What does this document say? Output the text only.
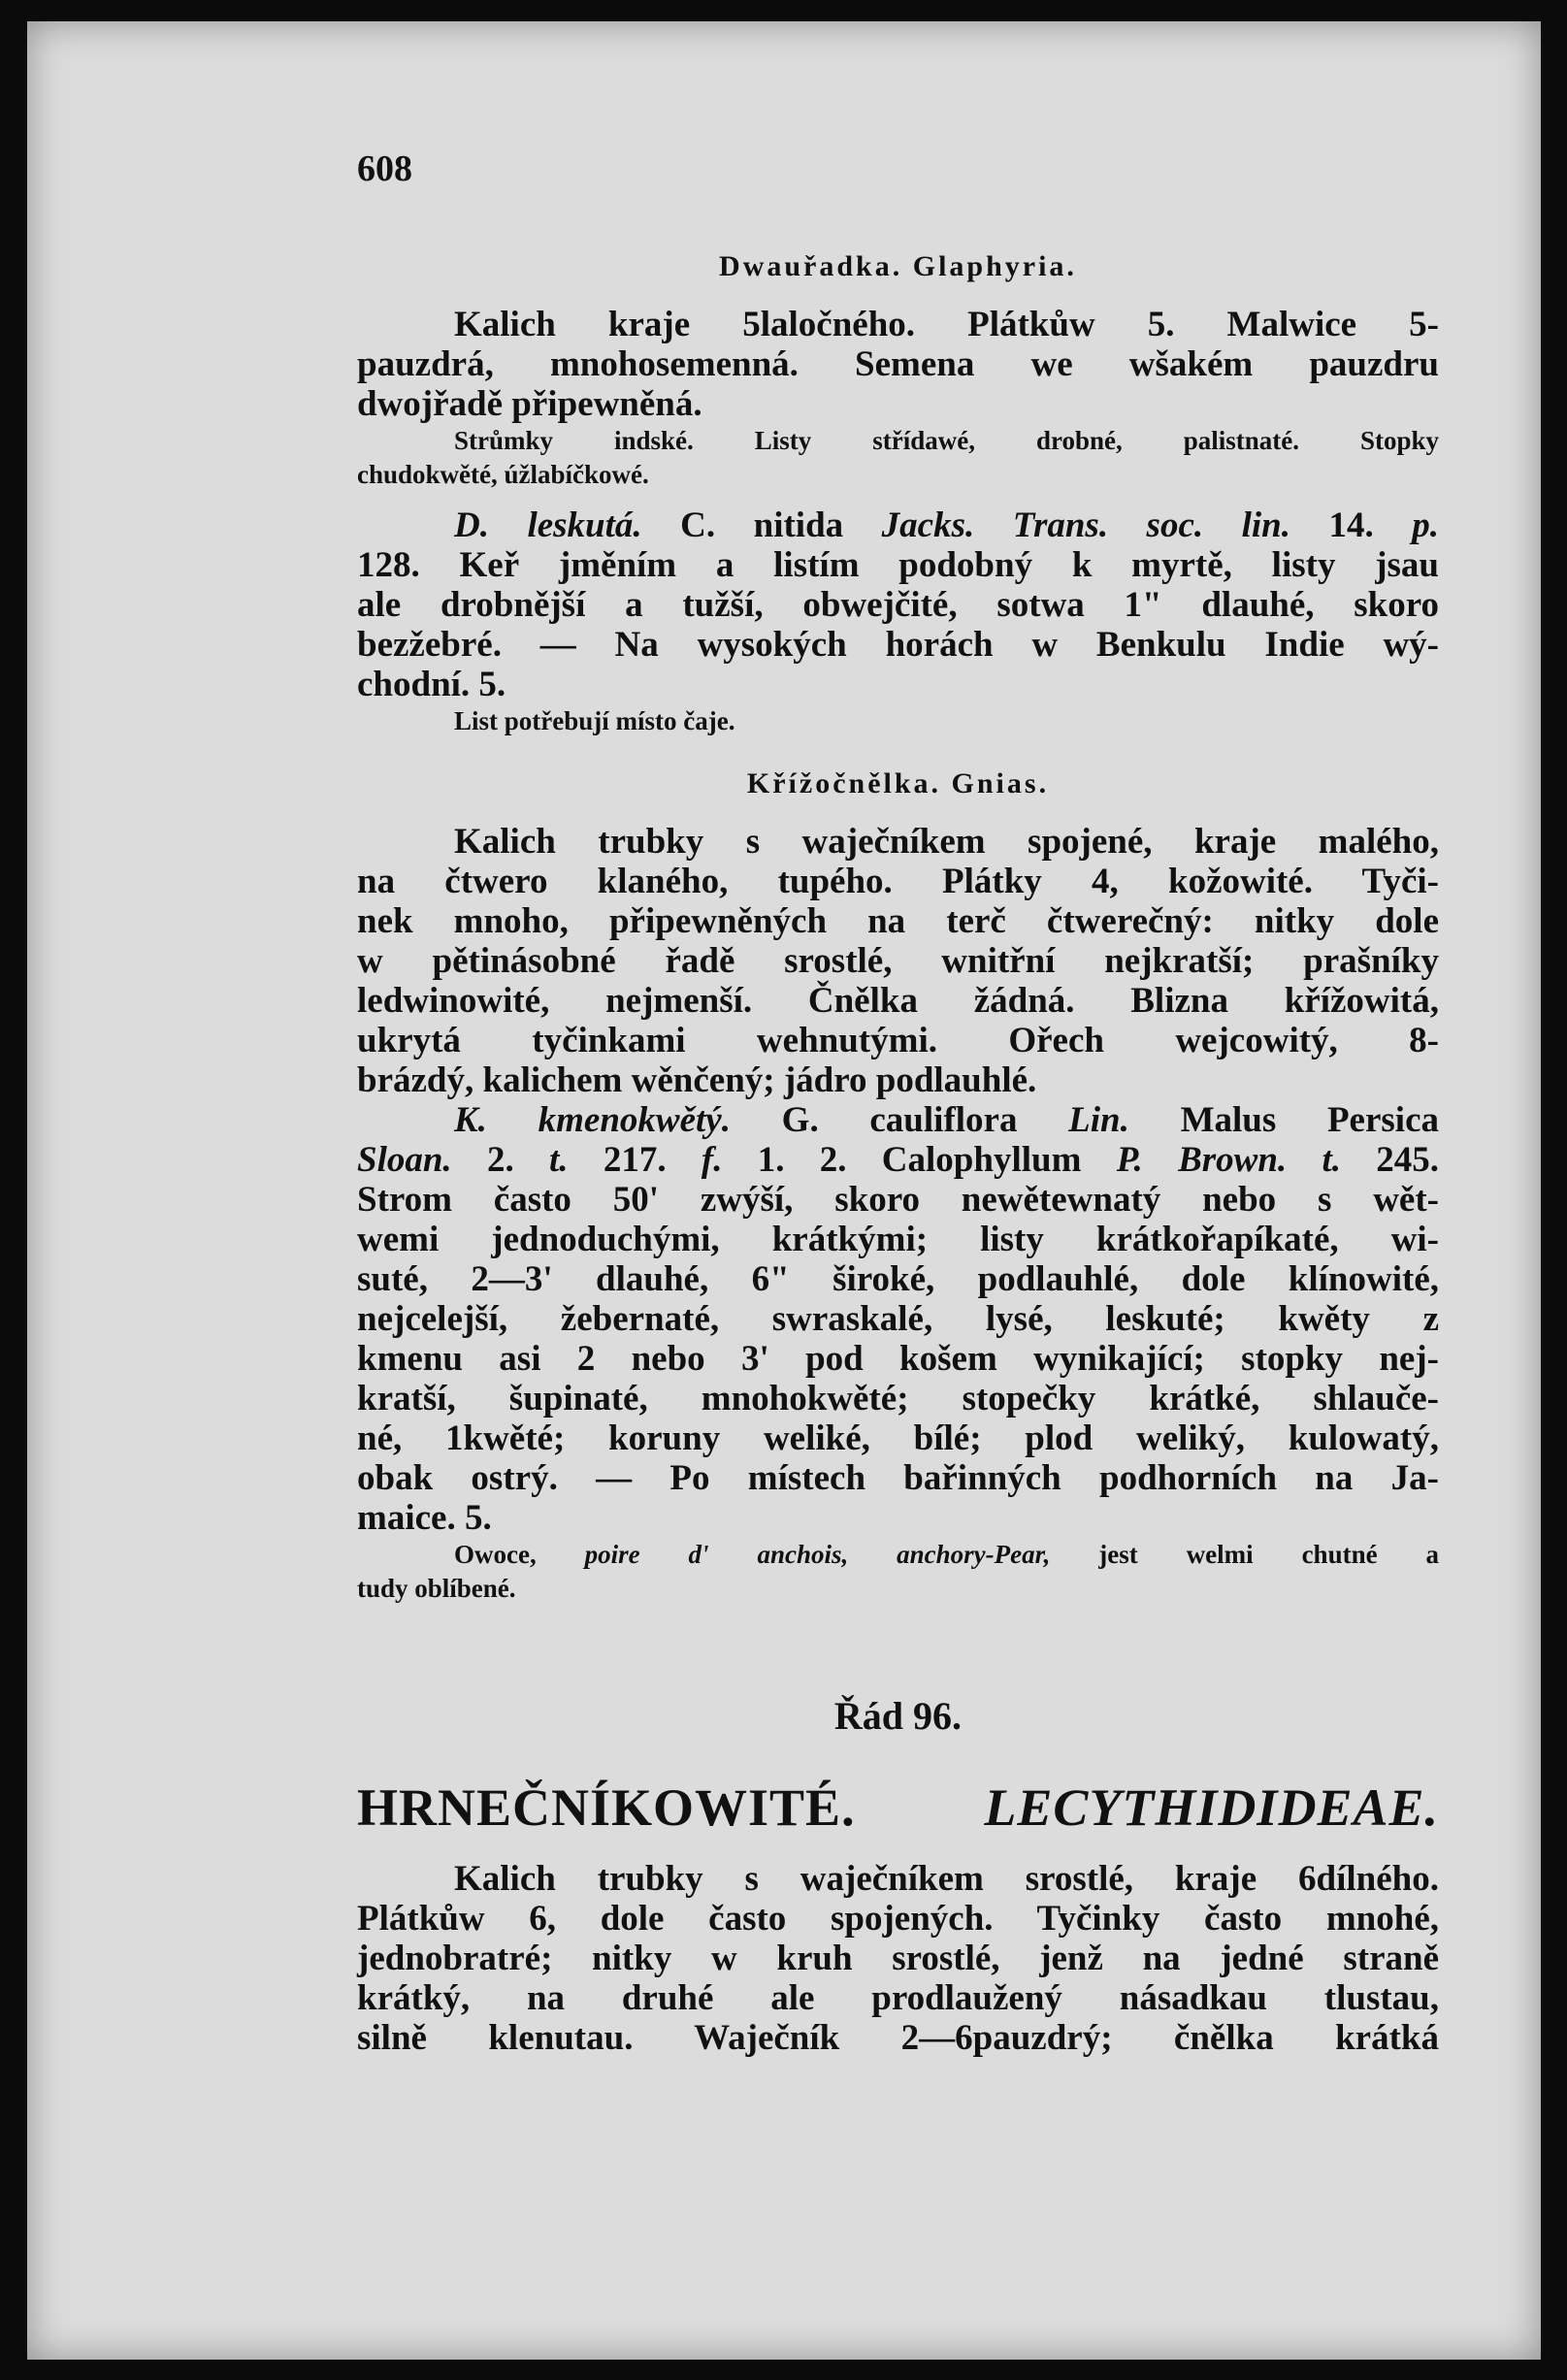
608
Dwauřadka. Glaphyria.
Kalich kraje 5laločného. Plátkůw 5. Malwice 5-
pauzdrá, mnohosemenná. Semena we wšakém pauzdru
dwojřadě připewněná.
Strůmky indské. Listy střídawé, drobné, palistnaté. Stopky
chudokwěté, úžlabíčkowé.
D. leskutá. C. nitida Jacks. Trans. soc. lin. 14. p.
128. Keř jměním a listím podobný k myrtě, listy jsau
ale drobnější a tužší, obwejčité, sotwa 1" dlauhé, skoro
bezžebré. — Na wysokých horách w Benkulu Indie wý-
chodní. 5.
List potřebují místo čaje.
Křížočnělka. Gnias.
Kalich trubky s waječníkem spojené, kraje malého,
na čtwero klaného, tupého. Plátky 4, kožowité. Tyči-
nek mnoho, připewněných na terč čtwerečný: nitky dole
w pětinásobné řadě srostlé, wnitřní nejkratší; prašníky
ledwinowité, nejmenší. Čnělka žádná. Blizna křížowitá,
ukrytá tyčinkami wehnutými. Ořech wejcowitý, 8-
brázdý, kalichem wěnčený; jádro podlauhlé.
K. kmenokwětý. G. cauliflora Lin. Malus Persica
Sloan. 2. t. 217. f. 1. 2. Calophyllum P. Brown. t. 245.
Strom často 50' zwýší, skoro newětewnatý nebo s wět-
wemi jednoduchými, krátkými; listy krátkořapíkaté, wi-
suté, 2—3' dlauhé, 6" široké, podlauhlé, dole klínowité,
nejcelejší, žebernaté, swraskalé, lysé, leskuté; kwěty z
kmenu asi 2 nebo 3' pod košem wynikající; stopky nej-
kratší, šupinaté, mnohokwěté; stopečky krátké, shlauče-
né, 1kwěté; koruny weliké, bílé; plod weliký, kulowatý,
obak ostrý. — Po místech bařinných podhorních na Ja-
maice. 5.
Owoce, poire d' anchois, anchory-Pear, jest welmi chutné a
tudy oblíbené.
Řád 96.
HRNEČNÍKOWITÉ. LECYTHIDIDEAE.
Kalich trubky s waječníkem srostlé, kraje 6dílného.
Plátkůw 6, dole často spojených. Tyčinky často mnohé,
jednobratré; nitky w kruh srostlé, jenž na jedné straně
krátký, na druhé ale prodlaužený násadkau tlustau,
silně klenutau. Waječník 2—6pauzdrý; čnělka krátká
